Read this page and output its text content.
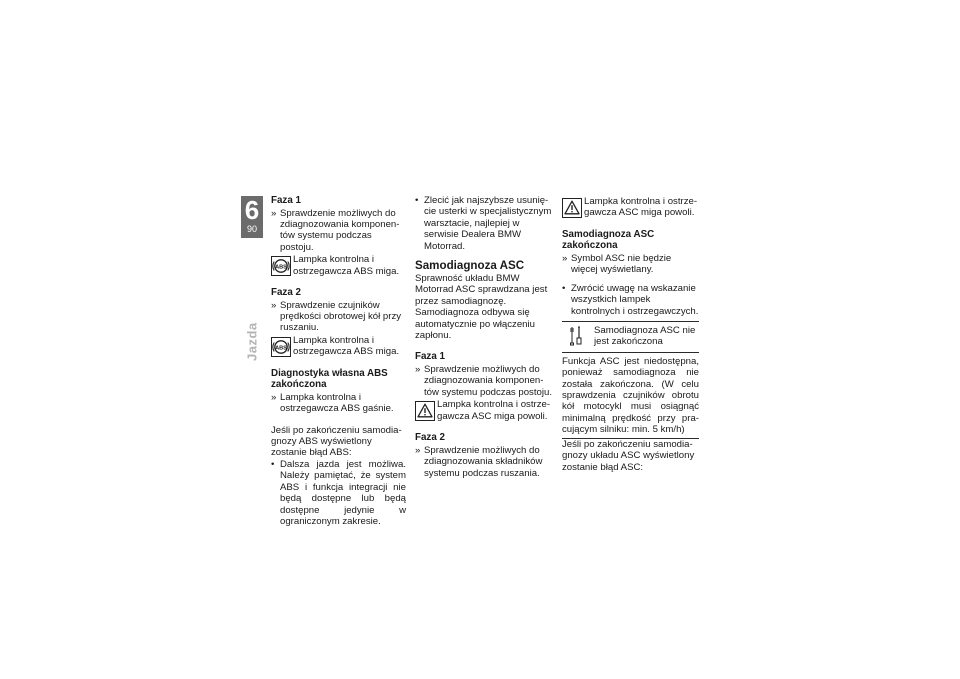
6
90
Jazda
Faza 1
» Sprawdzenie możliwych do zdiagnozowania komponentów systemu podczas postoju.
ABS
Lampka kontrolna i ostrzegawcza ABS miga.
Faza 2
» Sprawdzenie czujników prędkości obrotowej kół przy ruszaniu.
ABS
Lampka kontrolna i ostrzegawcza ABS miga.
Diagnostyka własna ABS zakończona
» Lampka kontrolna i ostrzegawcza ABS gaśnie.
Jeśli po zakończeniu samodiagnozy ABS wyświetlony zostanie błąd ABS:
• Dalsza jazda jest możliwa. Należy pamiętać, że system ABS i funkcja integracji nie będą dostępne lub będą dostępne jedynie w ograniczonym zakresie.
• Zlecić jak najszybsze usunięcie usterki w specjalistycznym warsztacie, najlepiej w serwisie Dealera BMW Motorrad.
Samodiagnoza ASC
Sprawność układu BMW Motorrad ASC sprawdzana jest przez samodiagnozę. Samodiagnoza odbywa się automatycznie po włączeniu zapłonu.
Faza 1
» Sprawdzenie możliwych do zdiagnozowania komponentów systemu podczas postoju.
Lampka kontrolna i ostrzegawcza ASC miga powoli.
Faza 2
» Sprawdzenie możliwych do zdiagnozowania składników systemu podczas ruszania.
Lampka kontrolna i ostrzegawcza ASC miga powoli.
Samodiagnoza ASC zakończona
» Symbol ASC nie będzie więcej wyświetlany.
• Zwrócić uwagę na wskazanie wszystkich lampek kontrolnych i ostrzegawczych.
Samodiagnoza ASC nie jest zakończona
Funkcja ASC jest niedostępna, ponieważ samodiagnoza nie została zakończona. (W celu sprawdzenia czujników obrotu kół motocykl musi osiągnąć minimalną prędkość przy pracującym silniku: min. 5 km/h)
Jeśli po zakończeniu samodiagnozy układu ASC wyświetlony zostanie błąd ASC:
